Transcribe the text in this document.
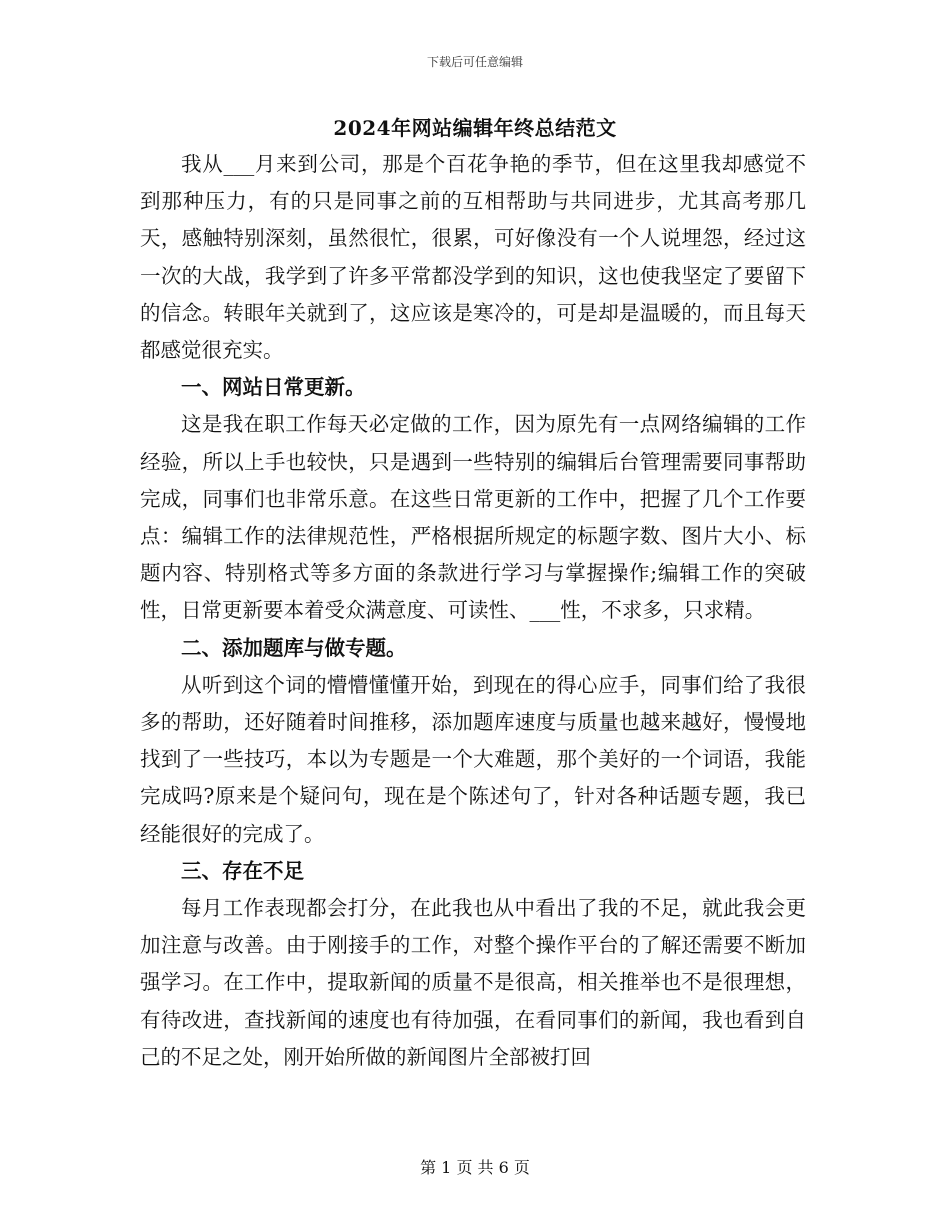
下载后可任意编辑
2024年网站编辑年终总结范文

我从___月来到公司，那是个百花争艳的季节，但在这里我却感觉不到那种压力，有的只是同事之前的互相帮助与共同进步，尤其高考那几天，感触特别深刻，虽然很忙，很累，可好像没有一个人说埋怨，经过这一次的大战，我学到了许多平常都没学到的知识，这也使我坚定了要留下的信念。转眼年关就到了，这应该是寒冷的，可是却是温暖的，而且每天都感觉很充实。

一、网站日常更新。

这是我在职工作每天必定做的工作，因为原先有一点网络编辑的工作经验，所以上手也较快，只是遇到一些特别的编辑后台管理需要同事帮助完成，同事们也非常乐意。在这些日常更新的工作中，把握了几个工作要点：编辑工作的法律规范性，严格根据所规定的标题字数、图片大小、标题内容、特别格式等多方面的条款进行学习与掌握操作;编辑工作的突破性，日常更新要本着受众满意度、可读性、___性，不求多，只求精。

二、添加题库与做专题。

从听到这个词的懵懵懂懂开始，到现在的得心应手，同事们给了我很多的帮助，还好随着时间推移，添加题库速度与质量也越来越好，慢慢地找到了一些技巧，本以为专题是一个大难题，那个美好的一个词语，我能完成吗?原来是个疑问句，现在是个陈述句了，针对各种话题专题，我已经能很好的完成了。

三、存在不足

每月工作表现都会打分，在此我也从中看出了我的不足，就此我会更加注意与改善。由于刚接手的工作，对整个操作平台的了解还需要不断加强学习。在工作中，提取新闻的质量不是很高，相关推举也不是很理想，有待改进，查找新闻的速度也有待加强，在看同事们的新闻，我也看到自己的不足之处，刚开始所做的新闻图片全部被打回

第 1 页 共 6 页
